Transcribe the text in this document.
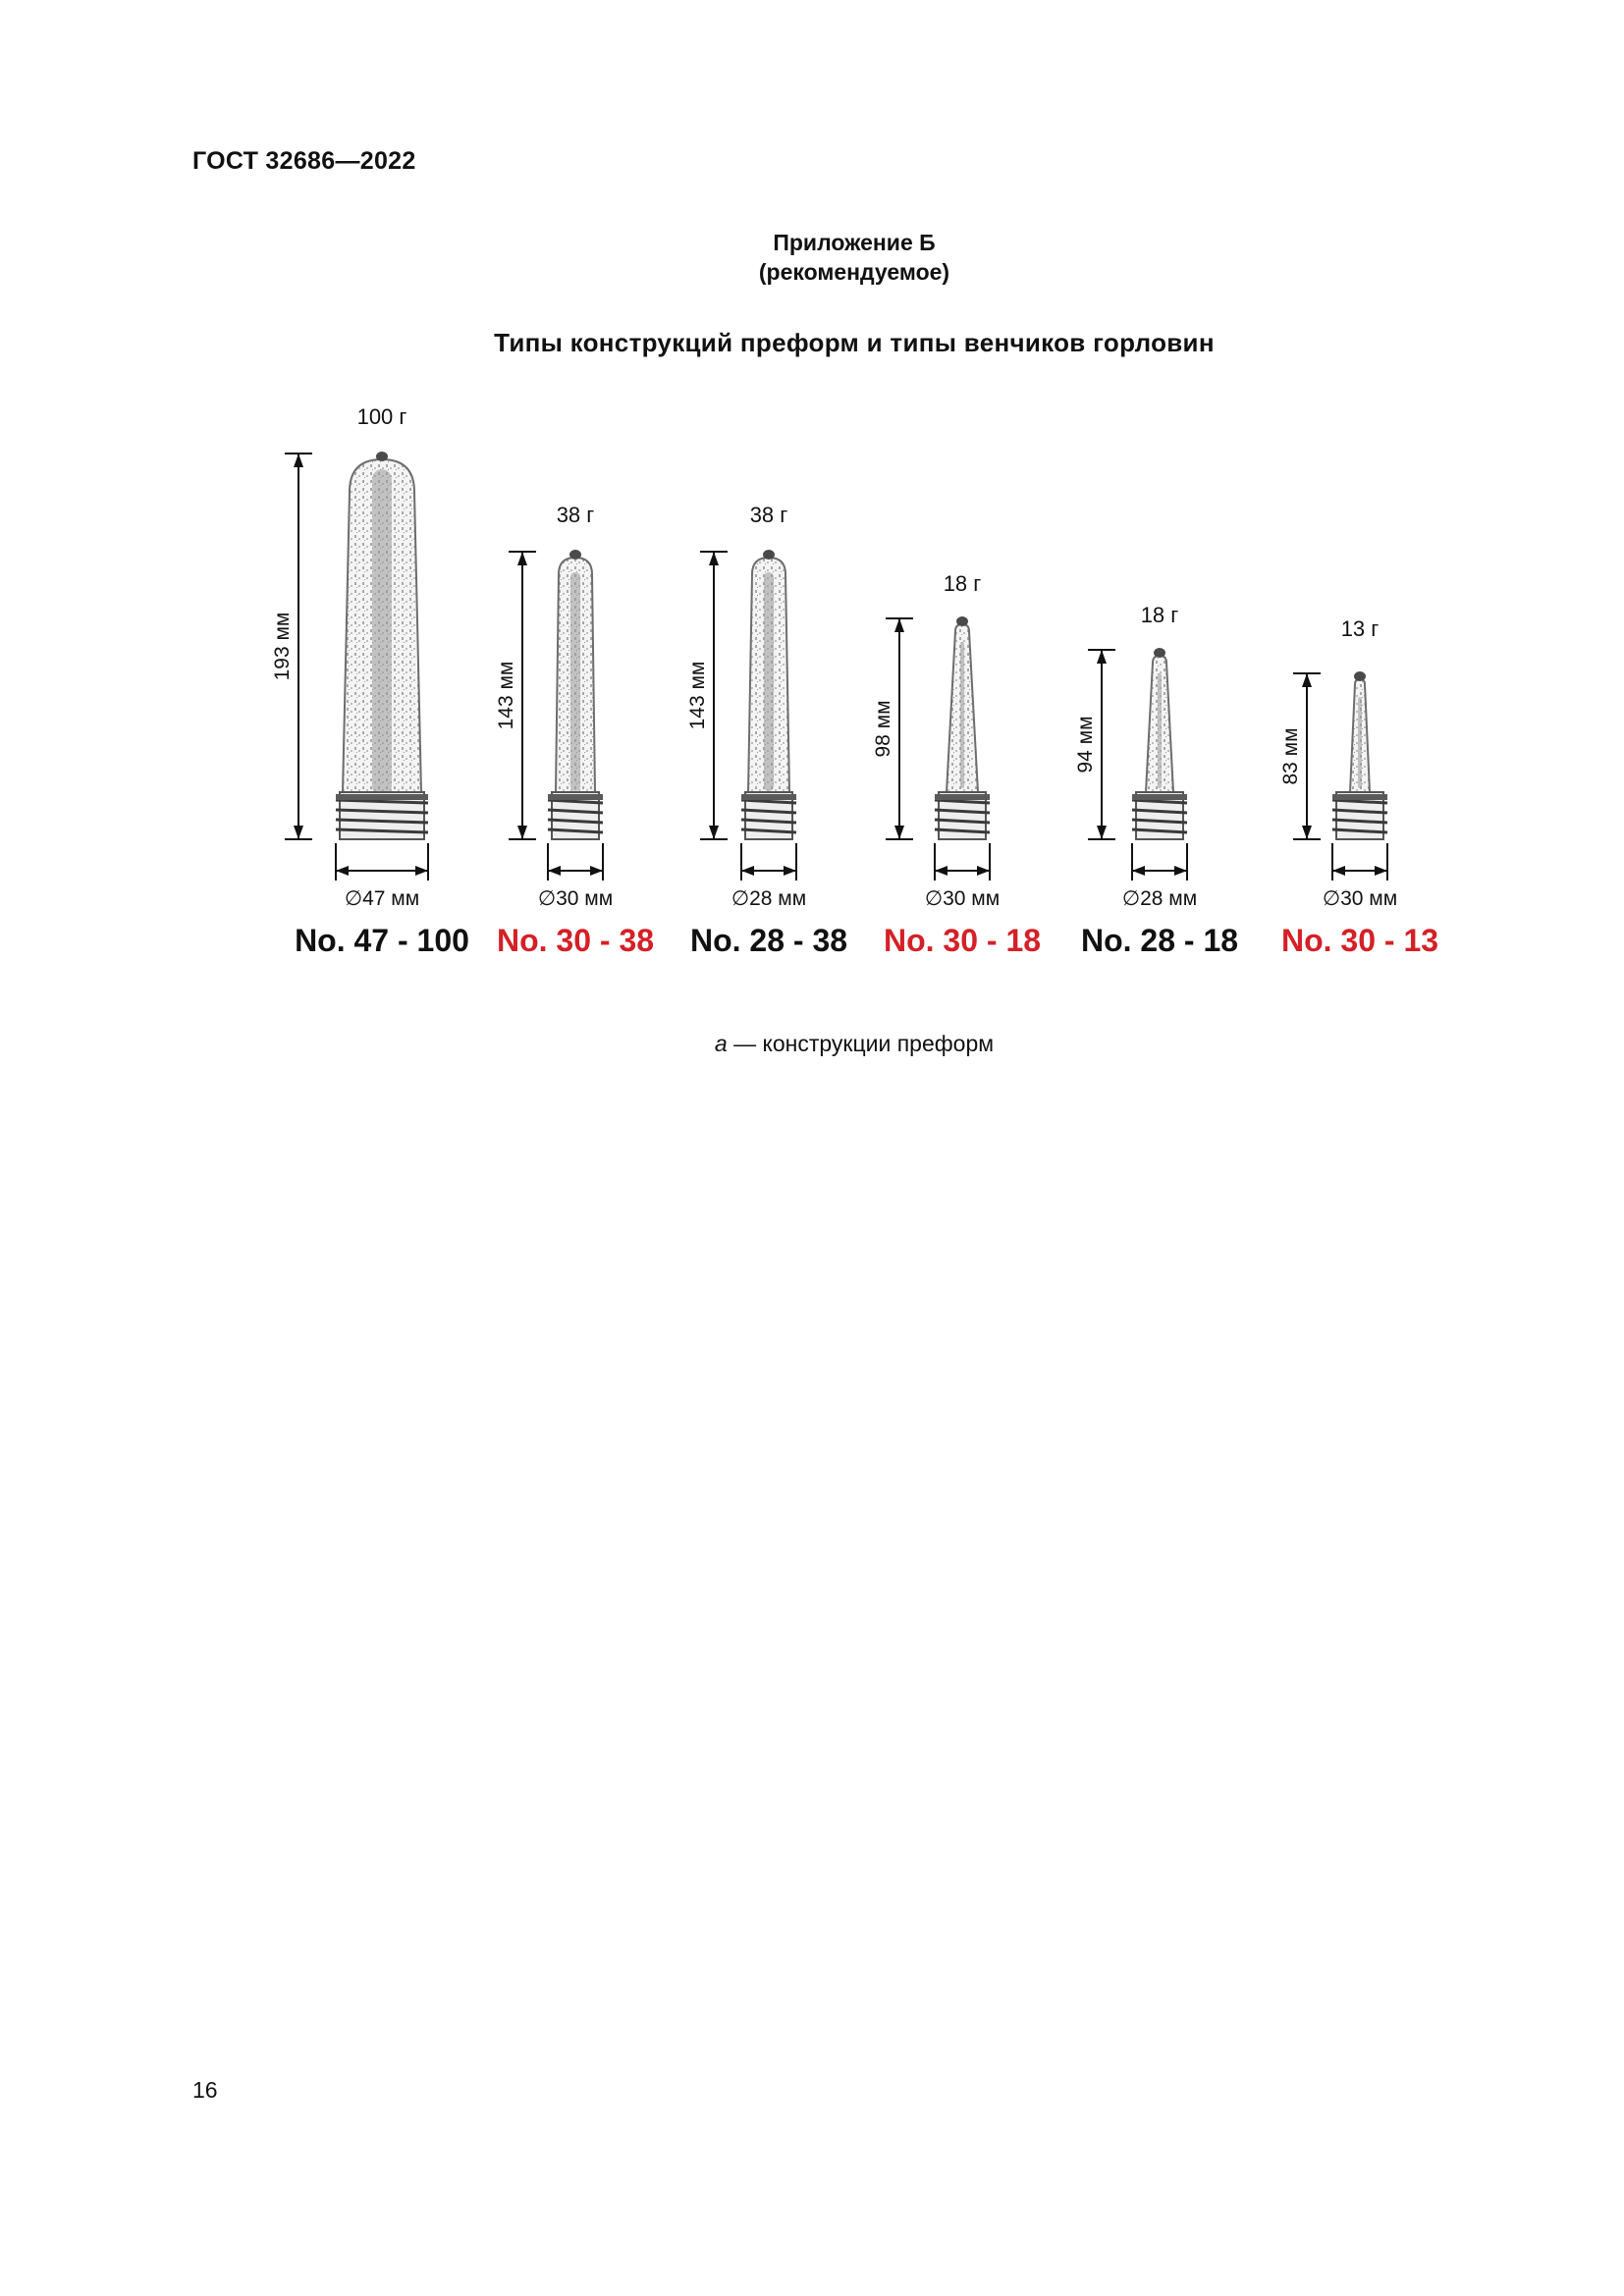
ГОСТ 32686—2022
Приложение Б
(рекомендуемое)
Типы конструкций преформ и типы венчиков горловин
193 мм
100 г
∅47 мм
No. 47 - 100
143 мм
38 г
∅30 мм
No. 30 - 38
143 мм
38 г
∅28 мм
No. 28 - 38
98 мм
18 г
∅30 мм
No. 30 - 18
94 мм
18 г
∅28 мм
No. 28 - 18
83 мм
13 г
∅30 мм
No. 30 - 13
а — конструкции преформ
16
